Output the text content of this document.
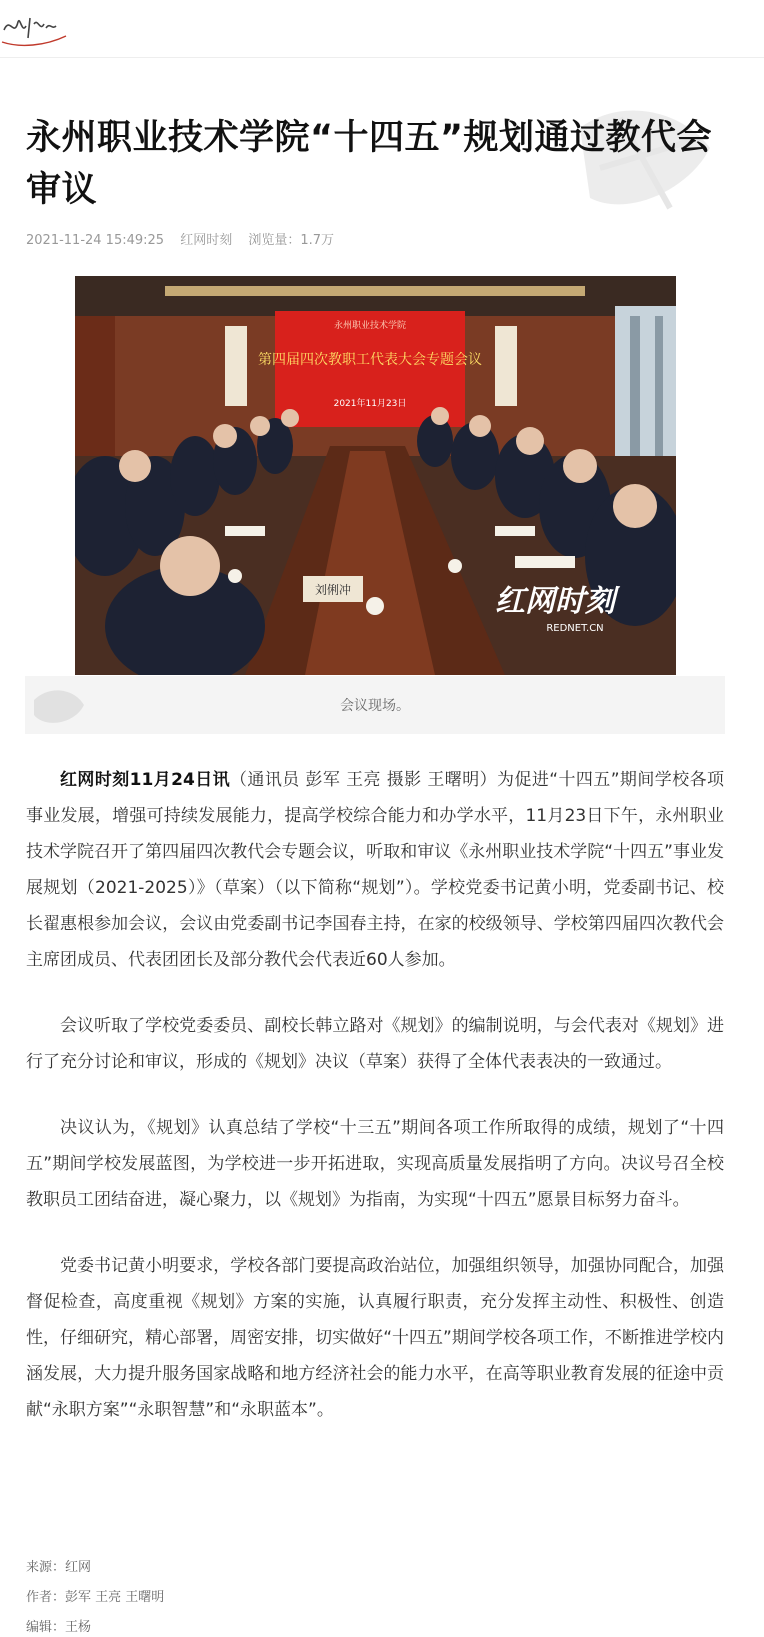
永州职业技术学院“十四五”规划通过教代会审议
2021-11-24 15:49:25 红网时刻 浏览量：1.7万
永州职业技术学院
第四届四次教职工代表大会专题会议
2021年11月23日
刘俐冲	红网时刻
REDNET.CN
会议现场。

红网时刻11月24日讯（通讯员 彭军 王亮 摄影 王曙明）为促进“十四五”期间学校各项事业发展，增强可持续发展能力，提高学校综合能力和办学水平，11月23日下午，永州职业技术学院召开了第四届四次教代会专题会议，听取和审议《永州职业技术学院“十四五”事业发展规划（2021-2025）》（草案）（以下简称“规划”）。学校党委书记黄小明，党委副书记、校长翟惠根参加会议，会议由党委副书记李国春主持，在家的校级领导、学校第四届四次教代会主席团成员、代表团团长及部分教代会代表近60人参加。

会议听取了学校党委委员、副校长韩立路对《规划》的编制说明，与会代表对《规划》进行了充分讨论和审议，形成的《规划》决议（草案）获得了全体代表表决的一致通过。

决议认为，《规划》认真总结了学校“十三五”期间各项工作所取得的成绩，规划了“十四五”期间学校发展蓝图，为学校进一步开拓进取，实现高质量发展指明了方向。决议号召全校教职员工团结奋进，凝心聚力，以《规划》为指南，为实现“十四五”愿景目标努力奋斗。

党委书记黄小明要求，学校各部门要提高政治站位，加强组织领导，加强协同配合，加强督促检查，高度重视《规划》方案的实施，认真履行职责，充分发挥主动性、积极性、创造性，仔细研究，精心部署，周密安排，切实做好“十四五”期间学校各项工作，不断推进学校内涵发展，大力提升服务国家战略和地方经济社会的能力水平，在高等职业教育发展的征途中贡献“永职方案”“永职智慧”和“永职蓝本”。

来源：红网
作者：彭军 王亮 王曙明
编辑：王杨
